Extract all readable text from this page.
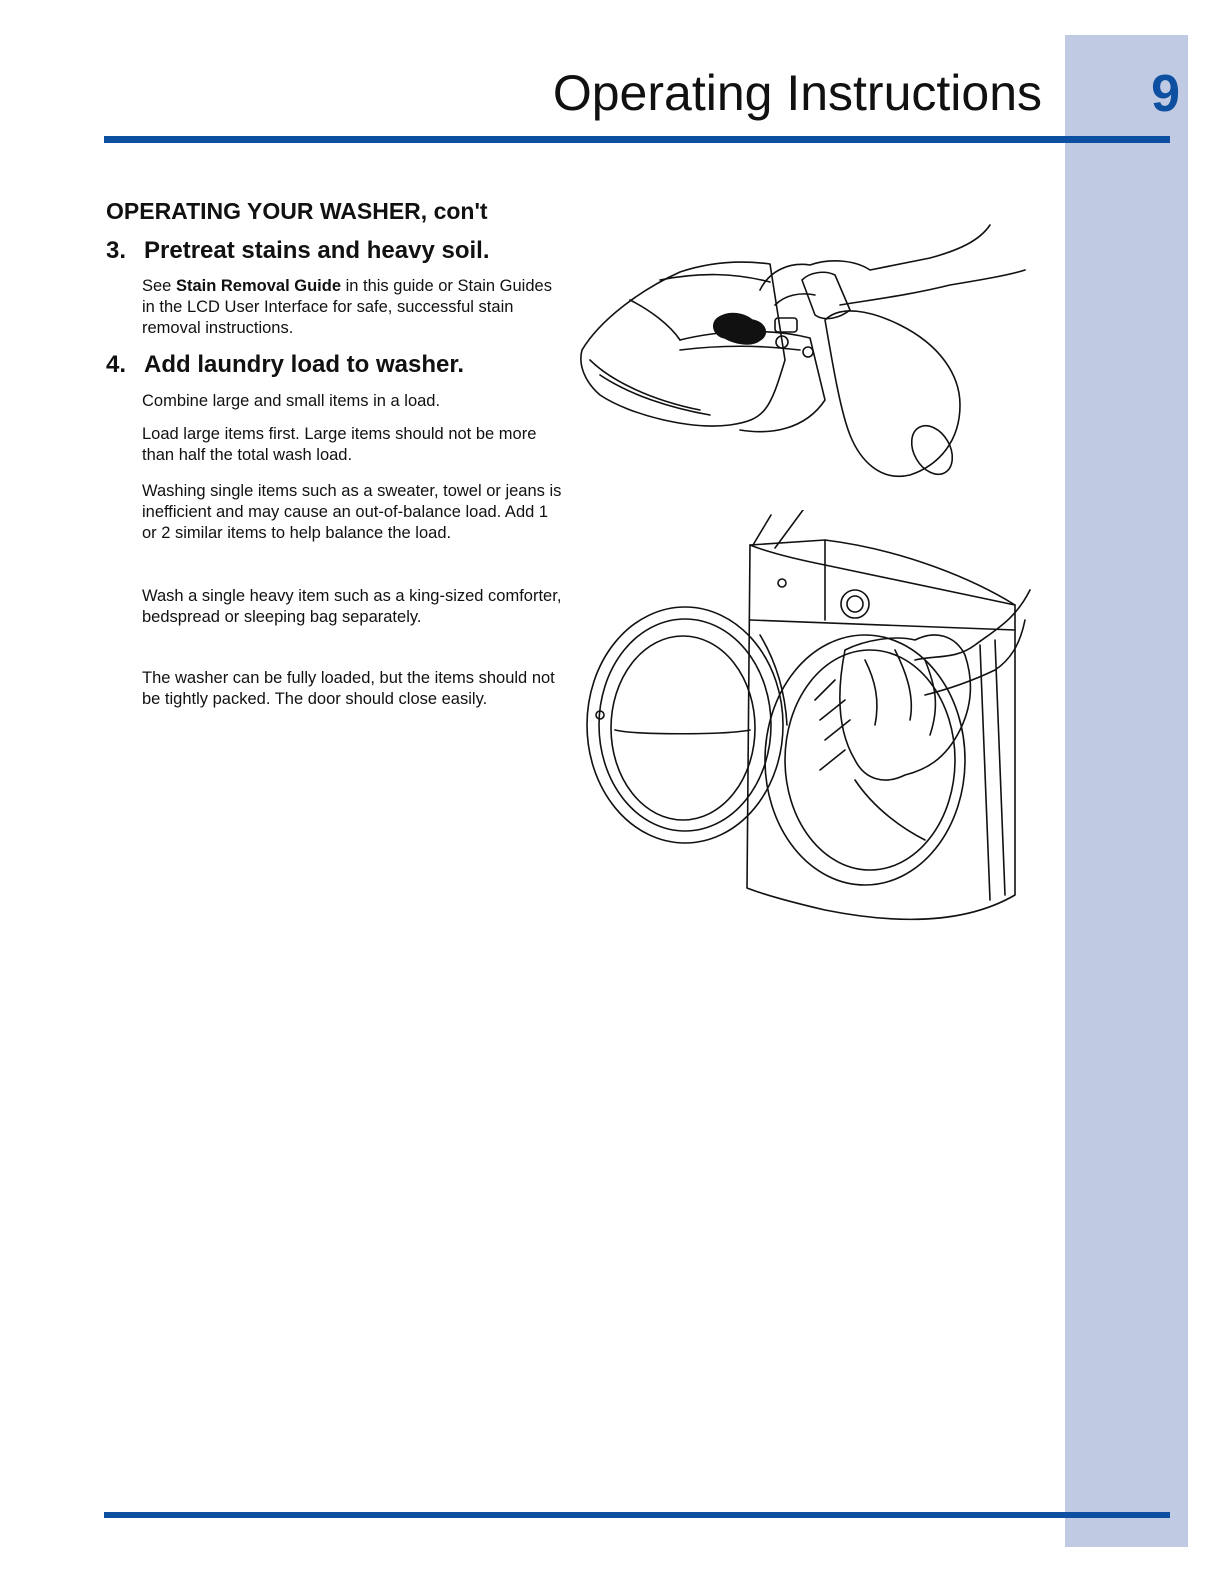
9
Operating Instructions
OPERATING YOUR WASHER, con't
3. Pretreat stains and heavy soil.

See Stain Removal Guide in this guide or Stain Guides in the LCD User Interface for safe, successful stain removal instructions.

4. Add laundry load to washer.

Combine large and small items in a load.

Load large items first. Large items should not be more than half the total wash load.

Washing single items such as a sweater, towel or jeans is inefficient and may cause an out-of-balance load. Add 1 or 2 similar items to help balance the load.

Wash a single heavy item such as a king-sized comforter, bedspread or sleeping bag separately.

The washer can be fully loaded, but the items should not be tightly packed. The door should close easily.
